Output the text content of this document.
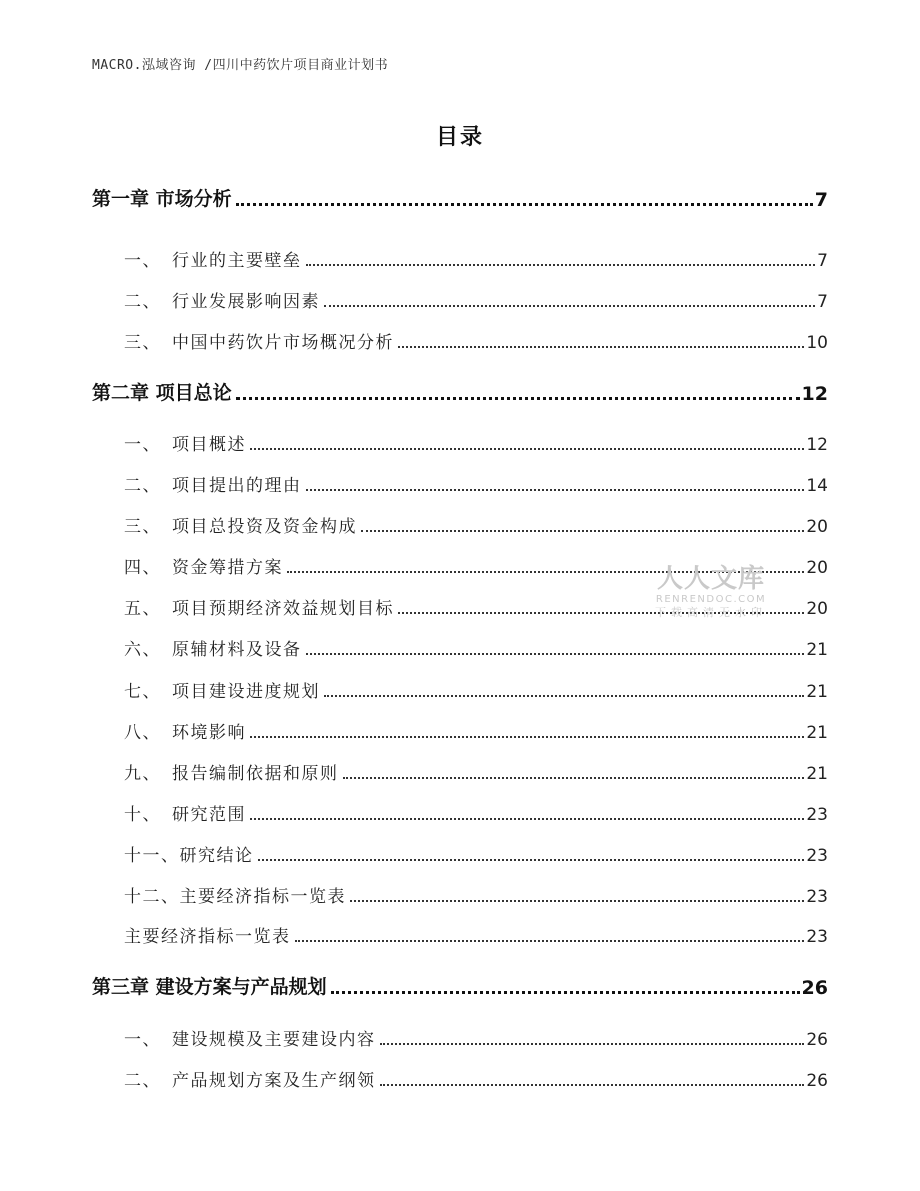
MACRO.泓域咨询 /四川中药饮片项目商业计划书
目录
第一章 市场分析	7
一、 行业的主要壁垒	7
二、 行业发展影响因素	7
三、 中国中药饮片市场概况分析	10
第二章 项目总论	12
一、 项目概述	12
二、 项目提出的理由	14
三、 项目总投资及资金构成	20
四、 资金筹措方案	20
五、 项目预期经济效益规划目标	20
六、 原辅材料及设备	21
七、 项目建设进度规划	21
八、 环境影响	21
九、 报告编制依据和原则	21
十、 研究范围	23
十一、研究结论	23
十二、主要经济指标一览表	23
主要经济指标一览表	23
第三章 建设方案与产品规划	26
一、 建设规模及主要建设内容	26
二、 产品规划方案及生产纲领	26
人人文库
RENRENDOC.COM
下载高清无水印
